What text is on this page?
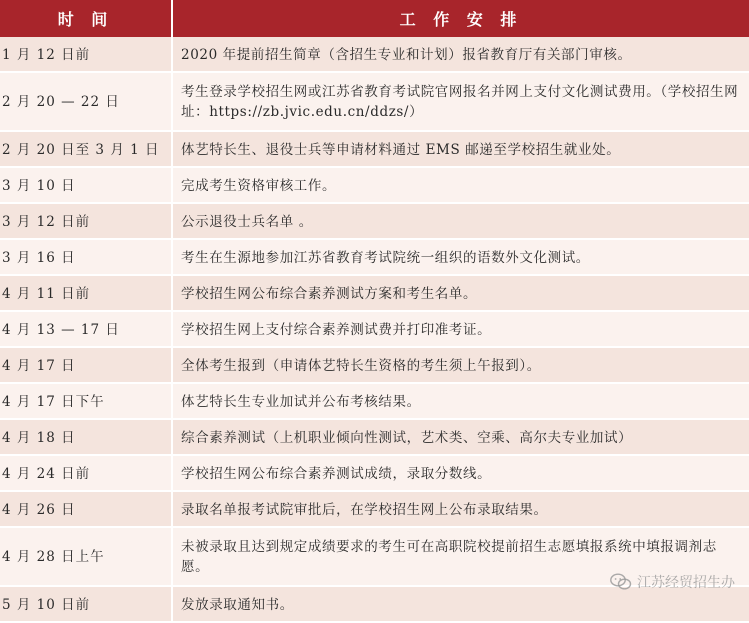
时 间	工 作 安 排
1 月 12 日前	2020 年提前招生简章（含招生专业和计划）报省教育厅有关部门审核。
2 月 20 — 22 日	考生登录学校招生网或江苏省教育考试院官网报名并网上支付文化测试费用。（学校招生网址：https://zb.jvic.edu.cn/ddzs/）
2 月 20 日至 3 月 1 日	体艺特长生、退役士兵等申请材料通过 EMS 邮递至学校招生就业处。
3 月 10 日	完成考生资格审核工作。
3 月 12 日前	公示退役士兵名单 。
3 月 16 日	考生在生源地参加江苏省教育考试院统一组织的语数外文化测试。
4 月 11 日前	学校招生网公布综合素养测试方案和考生名单。
4 月 13 — 17 日	学校招生网上支付综合素养测试费并打印准考证。
4 月 17 日	全体考生报到（申请体艺特长生资格的考生须上午报到）。
4 月 17 日下午	体艺特长生专业加试并公布考核结果。
4 月 18 日	综合素养测试（上机职业倾向性测试，艺术类、空乘、高尔夫专业加试）
4 月 24 日前	学校招生网公布综合素养测试成绩，录取分数线。
4 月 26 日	录取名单报考试院审批后，在学校招生网上公布录取结果。
4 月 28 日上午	未被录取且达到规定成绩要求的考生可在高职院校提前招生志愿填报系统中填报调剂志愿。
5 月 10 日前	发放录取通知书。
江苏经贸招生办
